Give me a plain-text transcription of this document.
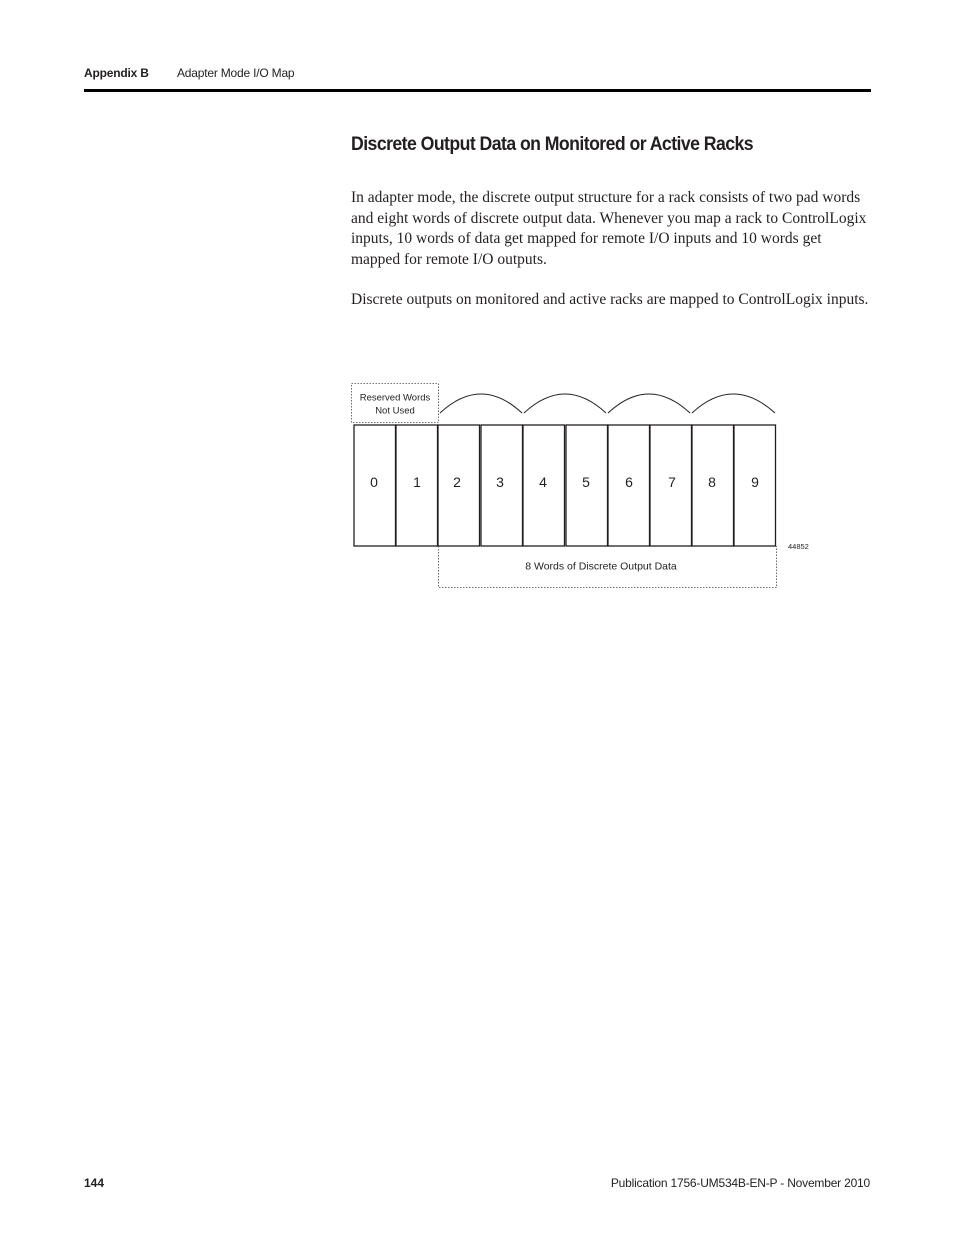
Appendix B Adapter Mode I/O Map
Discrete Output Data on Monitored or Active Racks

In adapter mode, the discrete output structure for a rack consists of two pad words and eight words of discrete output data. Whenever you map a rack to ControlLogix inputs, 10 words of data get mapped for remote I/O inputs and 10 words get mapped for remote I/O outputs.

Discrete outputs on monitored and active racks are mapped to ControlLogix inputs.

Reserved Words
Not Used
0	1 2	3	4	5	6	7 8	9
8 Words of Discrete Output Data
44852
144	Publication 1756-UM534B-EN-P - November 2010
